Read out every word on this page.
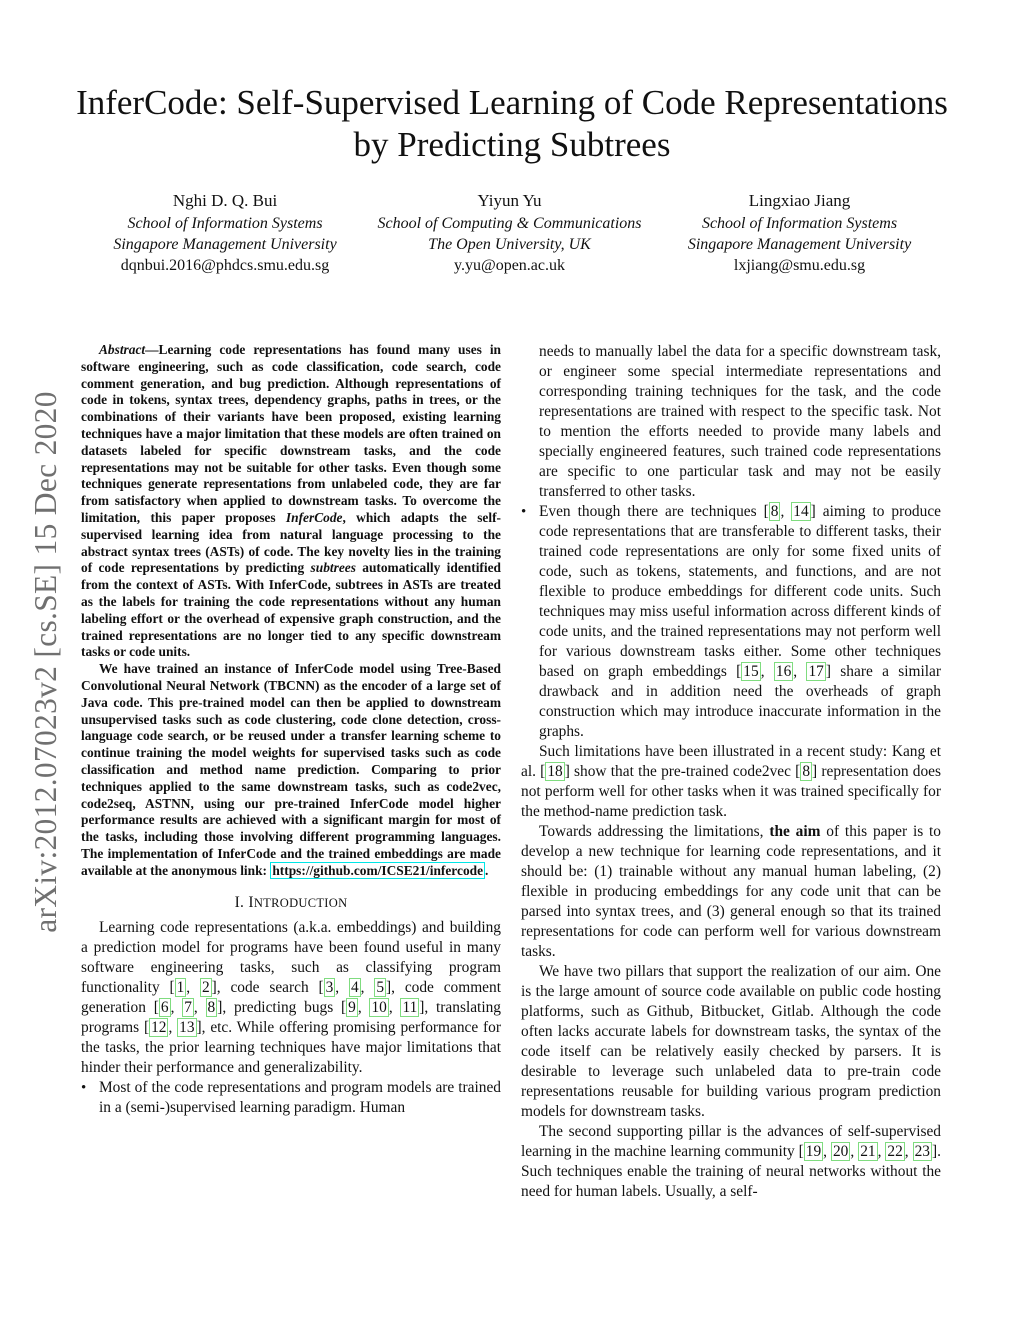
arXiv:2012.07023v2 [cs.SE] 15 Dec 2020
InferCode: Self-Supervised Learning of Code Representations
by Predicting Subtrees
Nghi D. Q. Bui
School of Information Systems
Singapore Management University
dqnbui.2016@phdcs.smu.edu.sg
Yiyun Yu
School of Computing & Communications
The Open University, UK
y.yu@open.ac.uk
Lingxiao Jiang
School of Information Systems
Singapore Management University
lxjiang@smu.edu.sg

Abstract—Learning code representations has found many uses in software engineering, such as code classification, code search, code comment generation, and bug prediction. Although representations of code in tokens, syntax trees, dependency graphs, paths in trees, or the combinations of their variants have been proposed, existing learning techniques have a major limitation that these models are often trained on datasets labeled for specific downstream tasks, and the code representations may not be suitable for other tasks. Even though some techniques generate representations from unlabeled code, they are far from satisfactory when applied to downstream tasks. To overcome the limitation, this paper proposes InferCode, which adapts the self-supervised learning idea from natural language processing to the abstract syntax trees (ASTs) of code. The key novelty lies in the training of code representations by predicting subtrees automatically identified from the context of ASTs. With InferCode, subtrees in ASTs are treated as the labels for training the code representations without any human labeling effort or the overhead of expensive graph construction, and the trained representations are no longer tied to any specific downstream tasks or code units.

We have trained an instance of InferCode model using Tree-Based Convolutional Neural Network (TBCNN) as the encoder of a large set of Java code. This pre-trained model can then be applied to downstream unsupervised tasks such as code clustering, code clone detection, cross-language code search, or be reused under a transfer learning scheme to continue training the model weights for supervised tasks such as code classification and method name prediction. Comparing to prior techniques applied to the same downstream tasks, such as code2vec, code2seq, ASTNN, using our pre-trained InferCode model higher performance results are achieved with a significant margin for most of the tasks, including those involving different programming languages. The implementation of InferCode and the trained embeddings are made available at the anonymous link: https://github.com/ICSE21/infercode .

I. INTRODUCTION

Learning code representations (a.k.a. embeddings) and building a prediction model for programs have been found useful in many software engineering tasks, such as classifying program functionality [ 1 , 2 ], code search [ 3 , 4 , 5 ], code comment generation [ 6 , 7 , 8 ], predicting bugs [ 9 , 10 , 11 ], translating programs [ 12 , 13 ], etc. While offering promising performance for the tasks, the prior learning techniques have major limitations that hinder their performance and generalizability.

• Most of the code representations and program models are trained in a (semi-)supervised learning paradigm. Human

needs to manually label the data for a specific downstream task, or engineer some special intermediate representations and corresponding training techniques for the task, and the code representations are trained with respect to the specific task. Not to mention the efforts needed to provide many labels and specially engineered features, such trained code representations are specific to one particular task and may not be easily transferred to other tasks.

• Even though there are techniques [ 8 , 14 ] aiming to produce code representations that are transferable to different tasks, their trained code representations are only for some fixed units of code, such as tokens, statements, and functions, and are not flexible to produce embeddings for different code units. Such techniques may miss useful information across different kinds of code units, and the trained representations may not perform well for various downstream tasks either. Some other techniques based on graph embeddings [ 15 , 16 , 17 ] share a similar drawback and in addition need the overheads of graph construction which may introduce inaccurate information in the graphs.

Such limitations have been illustrated in a recent study: Kang et al. [ 18 ] show that the pre-trained code2vec [ 8 ] representation does not perform well for other tasks when it was trained specifically for the method-name prediction task.

Towards addressing the limitations, the aim of this paper is to develop a new technique for learning code representations, and it should be: (1) trainable without any manual human labeling, (2) flexible in producing embeddings for any code unit that can be parsed into syntax trees, and (3) general enough so that its trained representations for code can perform well for various downstream tasks.

We have two pillars that support the realization of our aim. One is the large amount of source code available on public code hosting platforms, such as Github, Bitbucket, Gitlab. Although the code often lacks accurate labels for downstream tasks, the syntax of the code itself can be relatively easily checked by parsers. It is desirable to leverage such unlabeled data to pre-train code representations reusable for building various program prediction models for downstream tasks.

The second supporting pillar is the advances of self-supervised learning in the machine learning community [ 19 , 20 , 21 , 22 , 23 ]. Such techniques enable the training of neural networks without the need for human labels. Usually, a self-
